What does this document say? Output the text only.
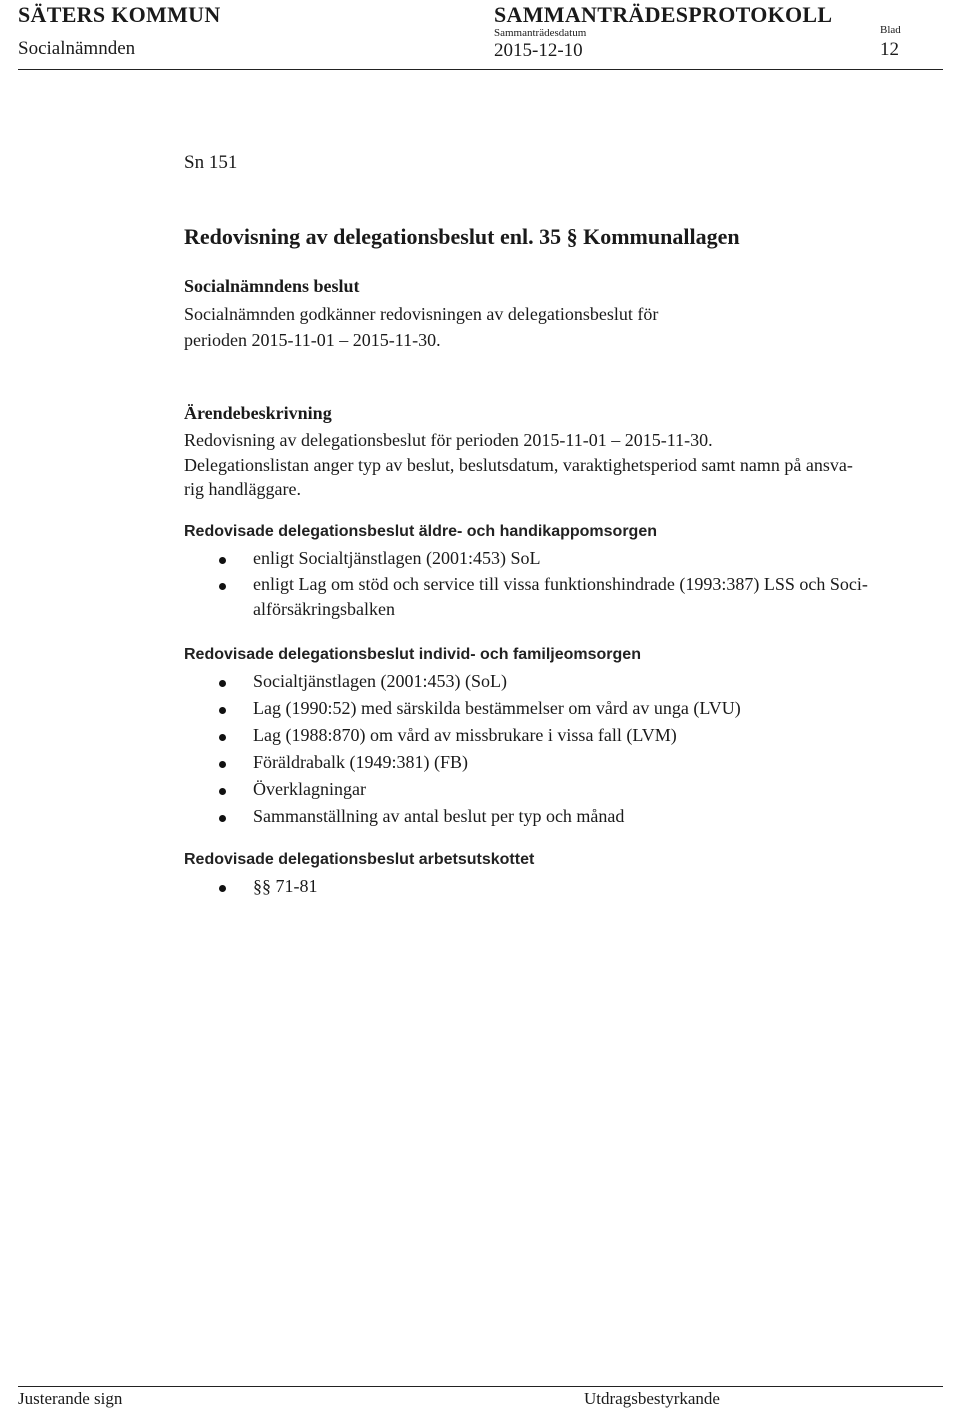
SÄTERS KOMMUN
Socialnämnden
SAMMANTRÄDESPROTOKOLL
Sammanträdesdatum
2015-12-10
Blad
12
Sn 151
Redovisning av delegationsbeslut enl. 35 § Kommunallagen
Socialnämndens beslut
Socialnämnden godkänner redovisningen av delegationsbeslut för
perioden 2015-11-01 – 2015-11-30.
Ärendebeskrivning
Redovisning av delegationsbeslut för perioden 2015-11-01 – 2015-11-30.
Delegationslistan anger typ av beslut, beslutsdatum, varaktighetsperiod samt namn på ansva-
rig handläggare.
Redovisade delegationsbeslut äldre- och handikappomsorgen
enligt Socialtjänstlagen (2001:453) SoL
enligt Lag om stöd och service till vissa funktionshindrade (1993:387) LSS och Soci-
alförsäkringsbalken
Redovisade delegationsbeslut individ- och familjeomsorgen
Socialtjänstlagen (2001:453) (SoL)
Lag (1990:52) med särskilda bestämmelser om vård av unga (LVU)
Lag (1988:870) om vård av missbrukare i vissa fall (LVM)
Föräldrabalk (1949:381) (FB)
Överklagningar
Sammanställning av antal beslut per typ och månad
Redovisade delegationsbeslut arbetsutskottet
§§ 71-81
Justerande sign	Utdragsbestyrkande
